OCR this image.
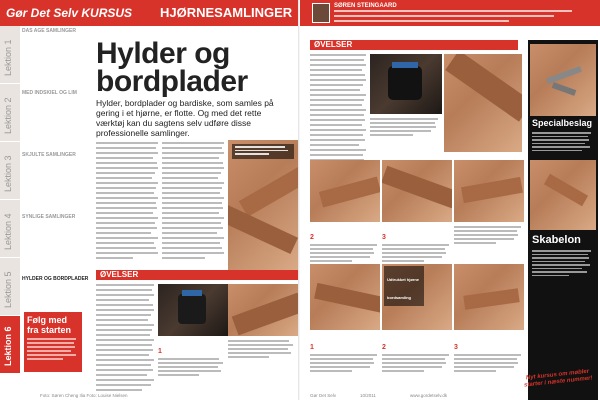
Gør Det Selv KURSUS HJØRNESAMLINGER
Lektion 1
Lektion 2
Lektion 3
Lektion 4
Lektion 5
Lektion 6
DAS AGE SAMLINGER
MED INDSKIEL OG LIM
SKJULTE SAMLINGER
SYNLIGE SAMLINGER
HYLDER OG BORDPLADER
Følg med fra starten
Hylder og
bordplader

Hylder, bordplader og bardiske, som samles på gering i et hjørne, er flotte. Og med det rette værktøj kan du sagtens selv udføre disse professionelle samlinger.

ØVELSER
1
Foto: Søren Cheng Ilia Foto: Louise Nielsen
SØREN STEINGAARD
ØVELSER
2	3
Udtrukket hjørne bordsamling
1	2	3
Specialbeslag
Skabelon
Nyt kursus om møbler starter i næste nummer!
Gør Det Selv	10/2011	www.gordetselv.dk
